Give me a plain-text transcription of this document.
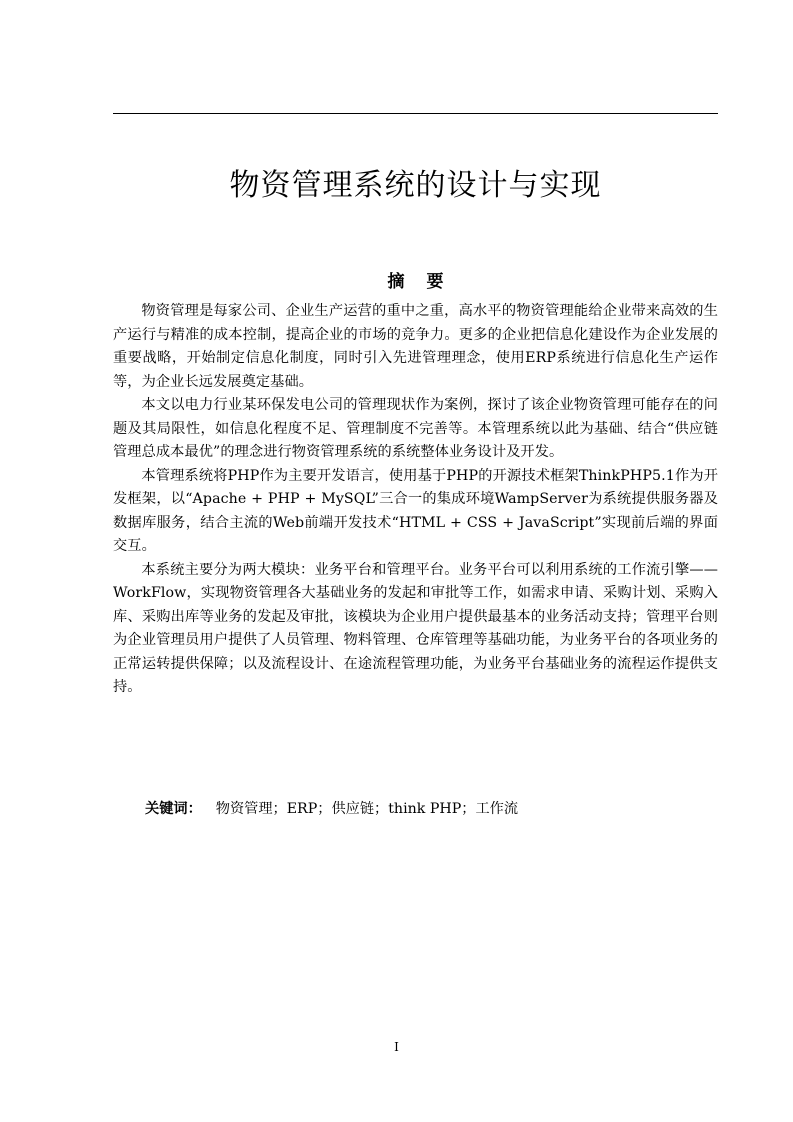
物资管理系统的设计与实现
摘 要

物资管理是每家公司、企业生产运营的重中之重，高水平的物资管理能给企业带来高效的生产运行与精准的成本控制，提高企业的市场的竞争力。更多的企业把信息化建设作为企业发展的重要战略，开始制定信息化制度，同时引入先进管理理念，使用ERP系统进行信息化生产运作等，为企业长远发展奠定基础。

本文以电力行业某环保发电公司的管理现状作为案例，探讨了该企业物资管理可能存在的问题及其局限性，如信息化程度不足、管理制度不完善等。本管理系统以此为基础、结合“供应链管理总成本最优”的理念进行物资管理系统的系统整体业务设计及开发。

本管理系统将PHP作为主要开发语言，使用基于PHP的开源技术框架ThinkPHP5.1作为开发框架，以“Apache + PHP + MySQL”三合一的集成环境WampServer为系统提供服务器及数据库服务，结合主流的Web前端开发技术“HTML + CSS + JavaScript”实现前后端的界面交互。

本系统主要分为两大模块：业务平台和管理平台。业务平台可以利用系统的工作流引擎——WorkFlow，实现物资管理各大基础业务的发起和审批等工作，如需求申请、采购计划、采购入库、采购出库等业务的发起及审批，该模块为企业用户提供最基本的业务活动支持；管理平台则为企业管理员用户提供了人员管理、物料管理、仓库管理等基础功能，为业务平台的各项业务的正常运转提供保障；以及流程设计、在途流程管理功能，为业务平台基础业务的流程运作提供支持。

关键词： 物资管理；ERP；供应链；think PHP；工作流
I
